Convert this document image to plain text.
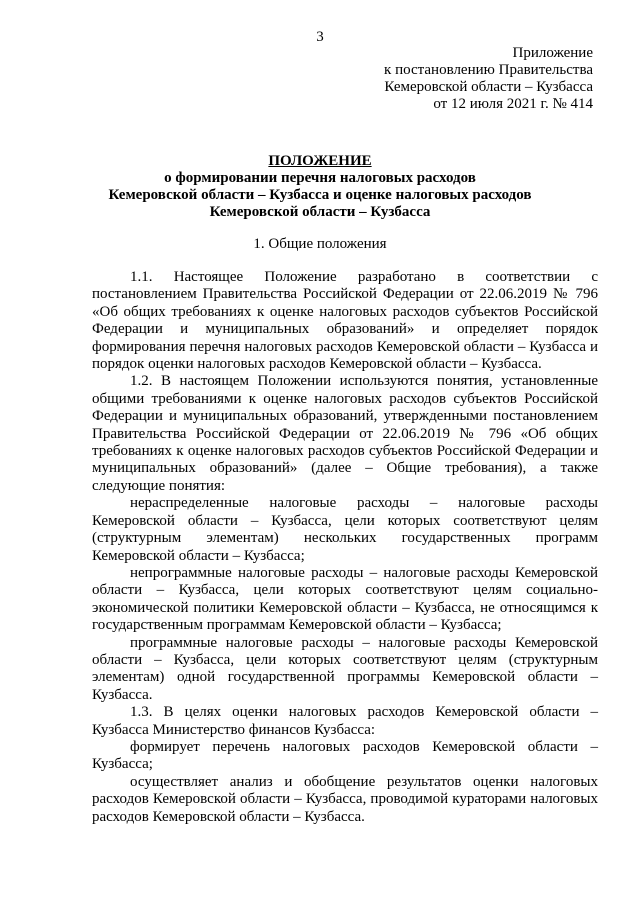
3
Приложение
к постановлению Правительства
Кемеровской области – Кузбасса
от 12 июля 2021 г. № 414
ПОЛОЖЕНИЕ
о формировании перечня налоговых расходов
Кемеровской области – Кузбасса и оценке налоговых расходов
Кемеровской области – Кузбасса
1. Общие положения

1.1. Настоящее Положение разработано в соответствии с постановлением Правительства Российской Федерации от 22.06.2019 № 796 «Об общих требованиях к оценке налоговых расходов субъектов Российской Федерации и муниципальных образований» и определяет порядок формирования перечня налоговых расходов Кемеровской области – Кузбасса и порядок оценки налоговых расходов Кемеровской области – Кузбасса.

1.2. В настоящем Положении используются понятия, установленные общими требованиями к оценке налоговых расходов субъектов Российской Федерации и муниципальных образований, утвержденными постановлением Правительства Российской Федерации от 22.06.2019 № 796 «Об общих требованиях к оценке налоговых расходов субъектов Российской Федерации и муниципальных образований» (далее – Общие требования), а также следующие понятия:

нераспределенные налоговые расходы – налоговые расходы Кемеровской области – Кузбасса, цели которых соответствуют целям (структурным элементам) нескольких государственных программ Кемеровской области – Кузбасса;

непрограммные налоговые расходы – налоговые расходы Кемеровской области – Кузбасса, цели которых соответствуют целям социально-экономической политики Кемеровской области – Кузбасса, не относящимся к государственным программам Кемеровской области – Кузбасса;

программные налоговые расходы – налоговые расходы Кемеровской области – Кузбасса, цели которых соответствуют целям (структурным элементам) одной государственной программы Кемеровской области – Кузбасса.

1.3. В целях оценки налоговых расходов Кемеровской области – Кузбасса Министерство финансов Кузбасса:

формирует перечень налоговых расходов Кемеровской области – Кузбасса;

осуществляет анализ и обобщение результатов оценки налоговых расходов Кемеровской области – Кузбасса, проводимой кураторами налоговых расходов Кемеровской области – Кузбасса.
